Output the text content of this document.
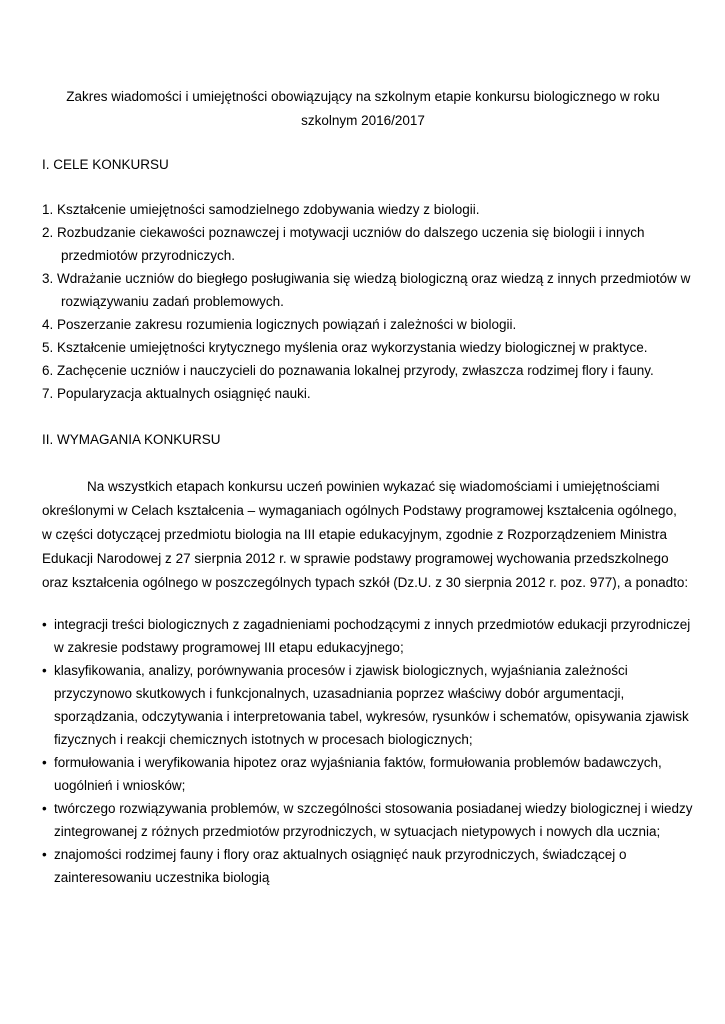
Zakres wiadomości i umiejętności obowiązujący na szkolnym etapie konkursu biologicznego w roku szkolnym 2016/2017
I. CELE KONKURSU
1. Kształcenie umiejętności samodzielnego zdobywania wiedzy z biologii.
2. Rozbudzanie ciekawości poznawczej i motywacji uczniów do dalszego uczenia się biologii i innych przedmiotów przyrodniczych.
3. Wdrażanie uczniów do biegłego posługiwania się wiedzą biologiczną oraz wiedzą z innych przedmiotów w rozwiązywaniu zadań problemowych.
4. Poszerzanie zakresu rozumienia logicznych powiązań i zależności w biologii.
5. Kształcenie umiejętności krytycznego myślenia oraz wykorzystania wiedzy biologicznej w praktyce.
6. Zachęcenie uczniów i nauczycieli do poznawania lokalnej przyrody, zwłaszcza rodzimej flory i fauny.
7. Popularyzacja aktualnych osiągnięć nauki.
II. WYMAGANIA KONKURSU

Na wszystkich etapach konkursu uczeń powinien wykazać się wiadomościami i umiejętnościami określonymi w Celach kształcenia – wymaganiach ogólnych Podstawy programowej kształcenia ogólnego, w części dotyczącej przedmiotu biologia na III etapie edukacyjnym, zgodnie z Rozporządzeniem Ministra Edukacji Narodowej z 27 sierpnia 2012 r. w sprawie podstawy programowej wychowania przedszkolnego oraz kształcenia ogólnego w poszczególnych typach szkół (Dz.U. z 30 sierpnia 2012 r. poz. 977), a ponadto:

• integracji treści biologicznych z zagadnieniami pochodzącymi z innych przedmiotów edukacji przyrodniczej w zakresie podstawy programowej III etapu edukacyjnego;
• klasyfikowania, analizy, porównywania procesów i zjawisk biologicznych, wyjaśniania zależności przyczynowo skutkowych i funkcjonalnych, uzasadniania poprzez właściwy dobór argumentacji, sporządzania, odczytywania i interpretowania tabel, wykresów, rysunków i schematów, opisywania zjawisk fizycznych i reakcji chemicznych istotnych w procesach biologicznych;
• formułowania i weryfikowania hipotez oraz wyjaśniania faktów, formułowania problemów badawczych, uogólnień i wniosków;
• twórczego rozwiązywania problemów, w szczególności stosowania posiadanej wiedzy biologicznej i wiedzy zintegrowanej z różnych przedmiotów przyrodniczych, w sytuacjach nietypowych i nowych dla ucznia;
• znajomości rodzimej fauny i flory oraz aktualnych osiągnięć nauk przyrodniczych, świadczącej o zainteresowaniu uczestnika biologią
